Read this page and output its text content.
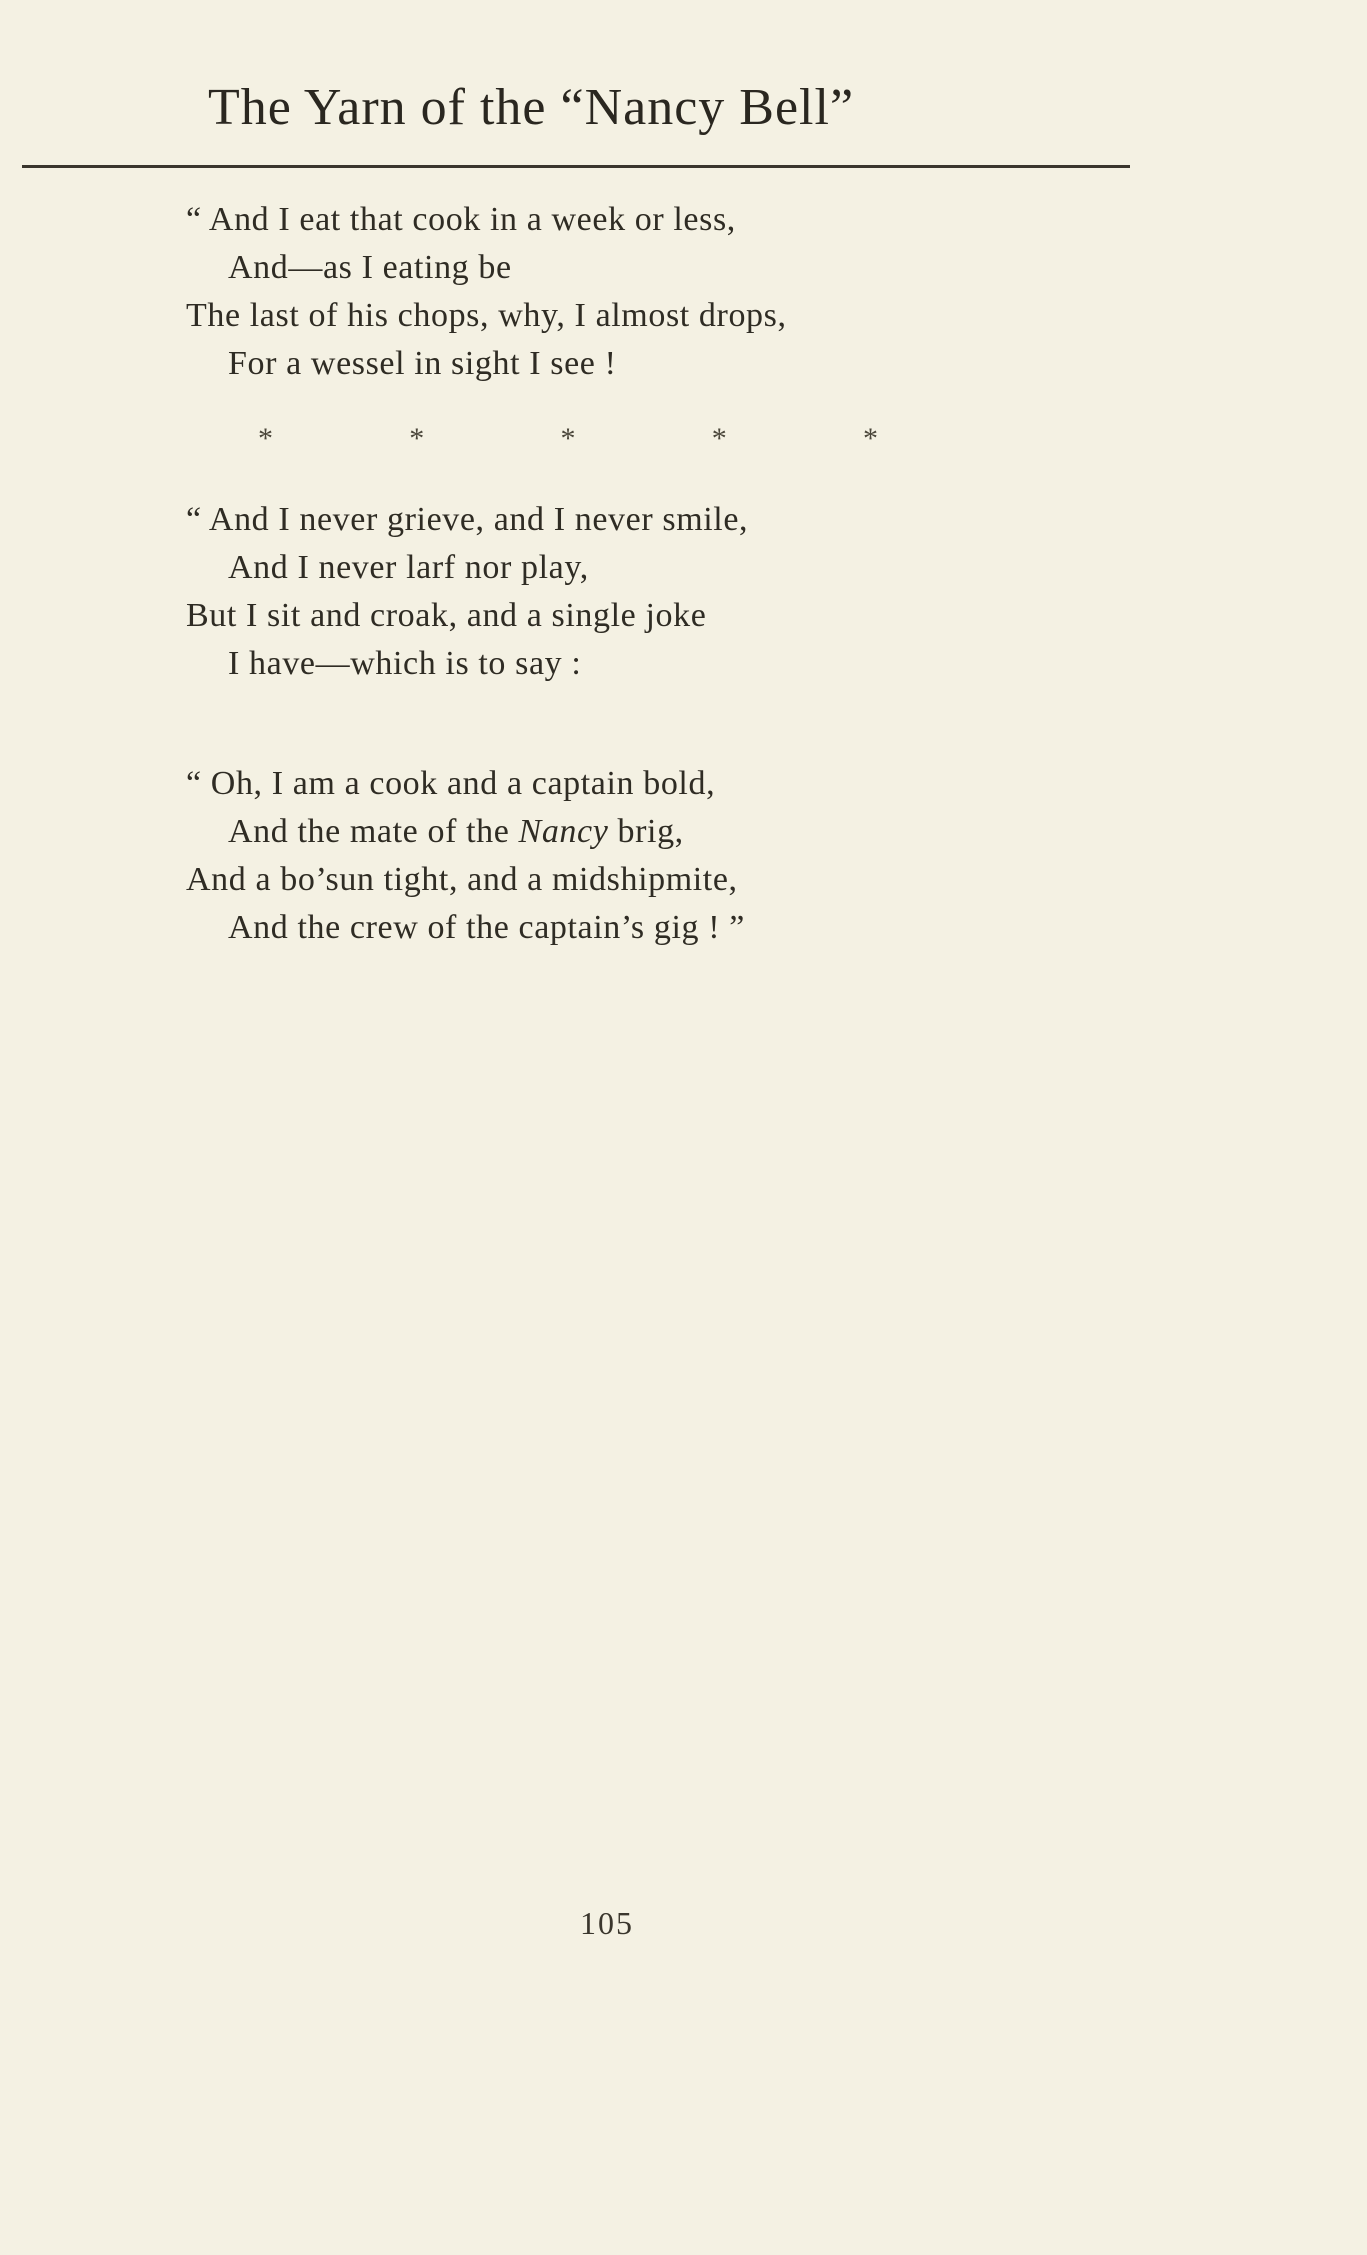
The Yarn of the “Nancy Bell”
“ And I eat that cook in a week or less,
And—as I eating be
The last of his chops, why, I almost drops,
For a wessel in sight I see !
*	*	*	*	*
“ And I never grieve, and I never smile,
And I never larf nor play,
But I sit and croak, and a single joke
I have—which is to say :
“ Oh, I am a cook and a captain bold,
And the mate of the Nancy brig,
And a bo’sun tight, and a midshipmite,
And the crew of the captain’s gig ! ”
105
